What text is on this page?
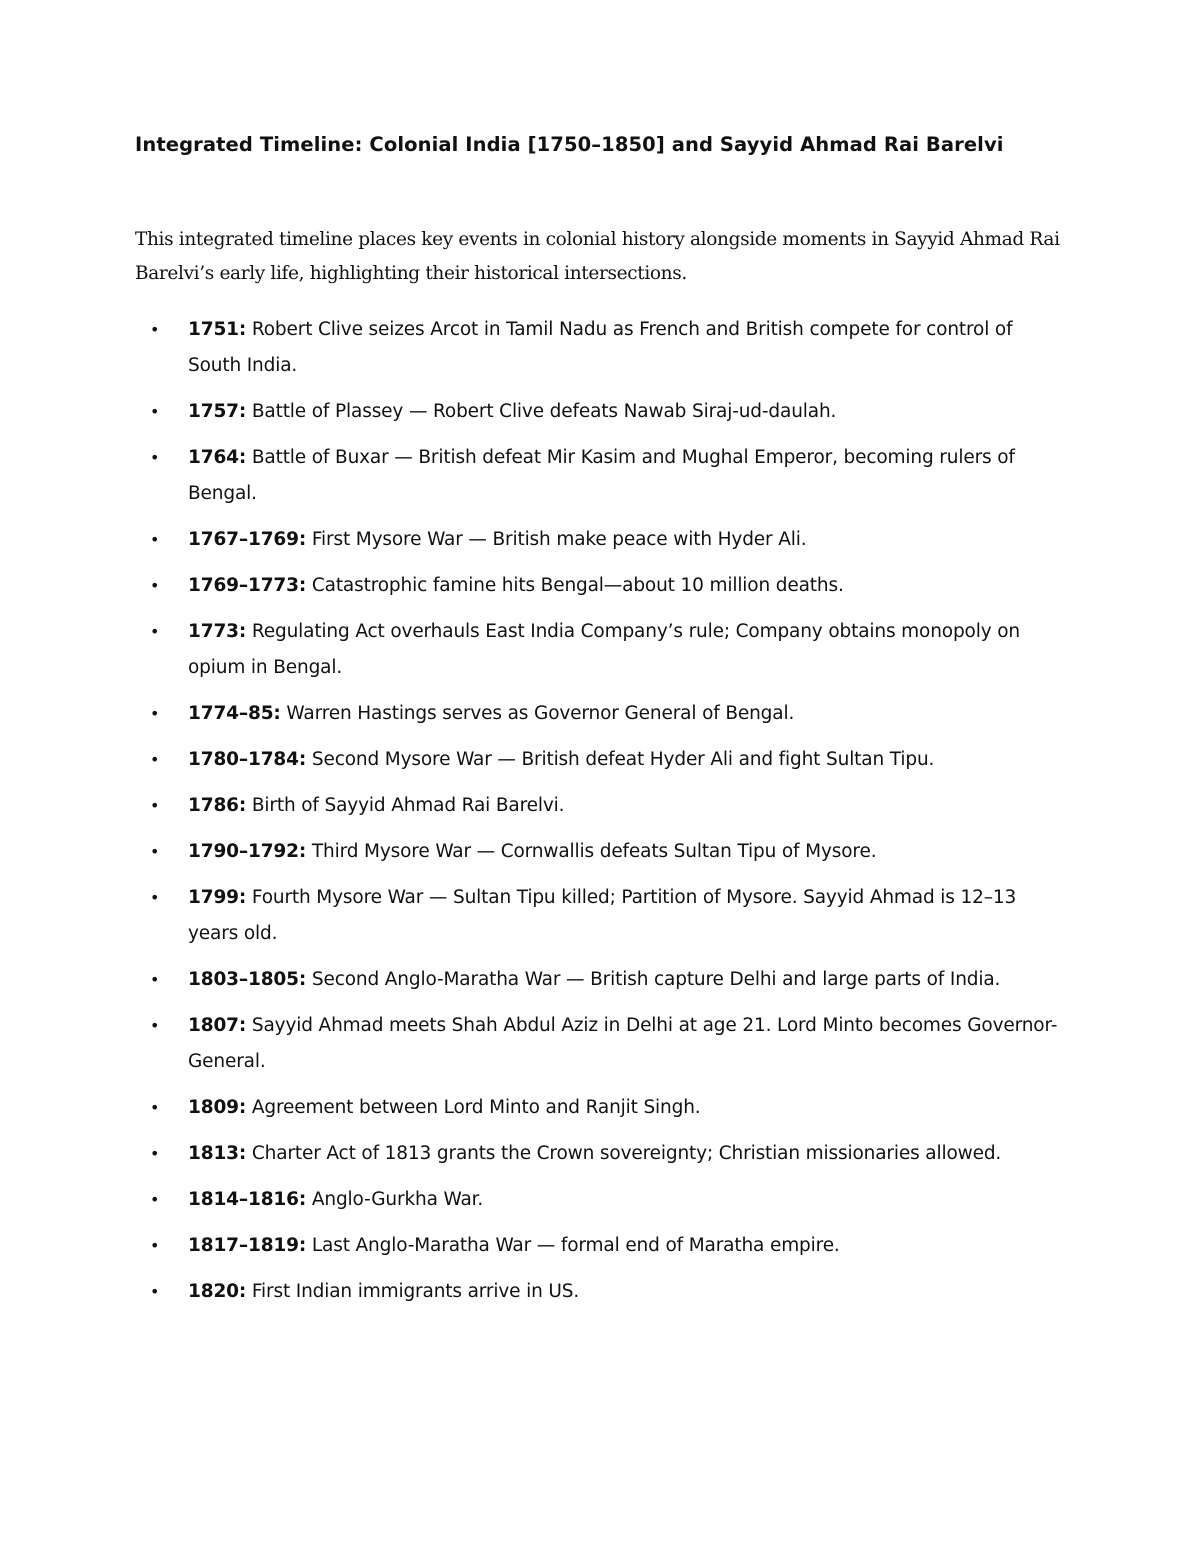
Integrated Timeline: Colonial India [1750–1850] and Sayyid Ahmad Rai Barelvi

This integrated timeline places key events in colonial history alongside moments in Sayyid Ahmad Rai Barelvi’s early life, highlighting their historical intersections.

• 1751: Robert Clive seizes Arcot in Tamil Nadu as French and British compete for control of South India.
• 1757: Battle of Plassey — Robert Clive defeats Nawab Siraj-ud-daulah.
• 1764: Battle of Buxar — British defeat Mir Kasim and Mughal Emperor, becoming rulers of Bengal.
• 1767–1769: First Mysore War — British make peace with Hyder Ali.
• 1769–1773: Catastrophic famine hits Bengal—about 10 million deaths.
• 1773: Regulating Act overhauls East India Company’s rule; Company obtains monopoly on opium in Bengal.
• 1774–85: Warren Hastings serves as Governor General of Bengal.
• 1780–1784: Second Mysore War — British defeat Hyder Ali and fight Sultan Tipu.
• 1786: Birth of Sayyid Ahmad Rai Barelvi.
• 1790–1792: Third Mysore War — Cornwallis defeats Sultan Tipu of Mysore.
• 1799: Fourth Mysore War — Sultan Tipu killed; Partition of Mysore. Sayyid Ahmad is 12–13 years old.
• 1803–1805: Second Anglo-Maratha War — British capture Delhi and large parts of India.
• 1807: Sayyid Ahmad meets Shah Abdul Aziz in Delhi at age 21. Lord Minto becomes Governor-General.
• 1809: Agreement between Lord Minto and Ranjit Singh.
• 1813: Charter Act of 1813 grants the Crown sovereignty; Christian missionaries allowed.
• 1814–1816: Anglo-Gurkha War.
• 1817–1819: Last Anglo-Maratha War — formal end of Maratha empire.
• 1820: First Indian immigrants arrive in US.
